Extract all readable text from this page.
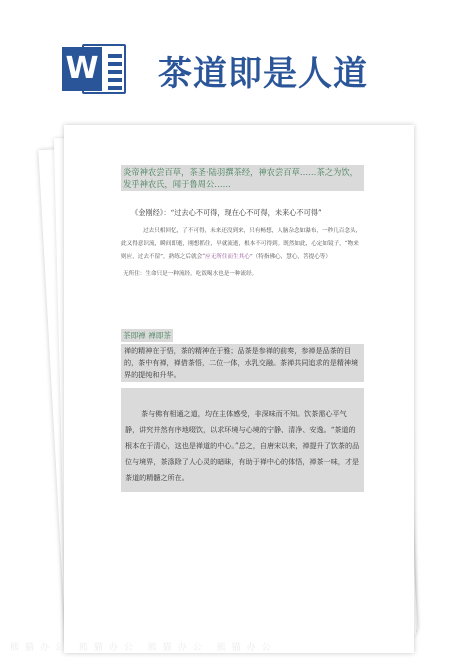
W 茶道即是人道
炎帝神农尝百草，茶圣·陆羽撰茶经，神农尝百草……茶之为饮，发乎神农氏，闻于鲁周公……
《金刚经》：“过去心不可得，现在心不可得，未来心不可得”
过去只相回忆，了不可得，未来还没到来，只有畅想，人脑杂念如瀑布，一秒几百念头，此又得意识流，瞬间即逝，刚想抓住，早就流逝，根本不可得到。既然如此，心定如镜子，“物来则应，过去不留”，熟练之后就会“应无所住而生其心”（特指佛心，慧心，菩提心等）
无所住：生命只是一种流经，吃饭喝水也是一种流经。
茶即禅 禅即茶
禅的精神在于悟，茶的精神在于雅；品茶是参禅的前奏，参禅是品茶的目的，茶中有禅，禅借茶悟，二位一体，水乳交融。茶禅共同追求的是精神境界的提纯和升华。
茶与佛有相通之道，均在主体感受，非深味而不知。饮茶需心平气静，讲究井然有序地啜饮，以求环境与心境的宁静、清净、安逸。“茶道的根本在于清心，这也是禅道的中心。”总之，自唐宋以来，禅提升了饮茶的品位与境界，茶涤除了人心灵的暗昧，有助于禅中心的体悟，禅茶一味，才是茶道的精髓之所在。
熊猫办公 熊猫办公 熊猫办公 熊猫办公
